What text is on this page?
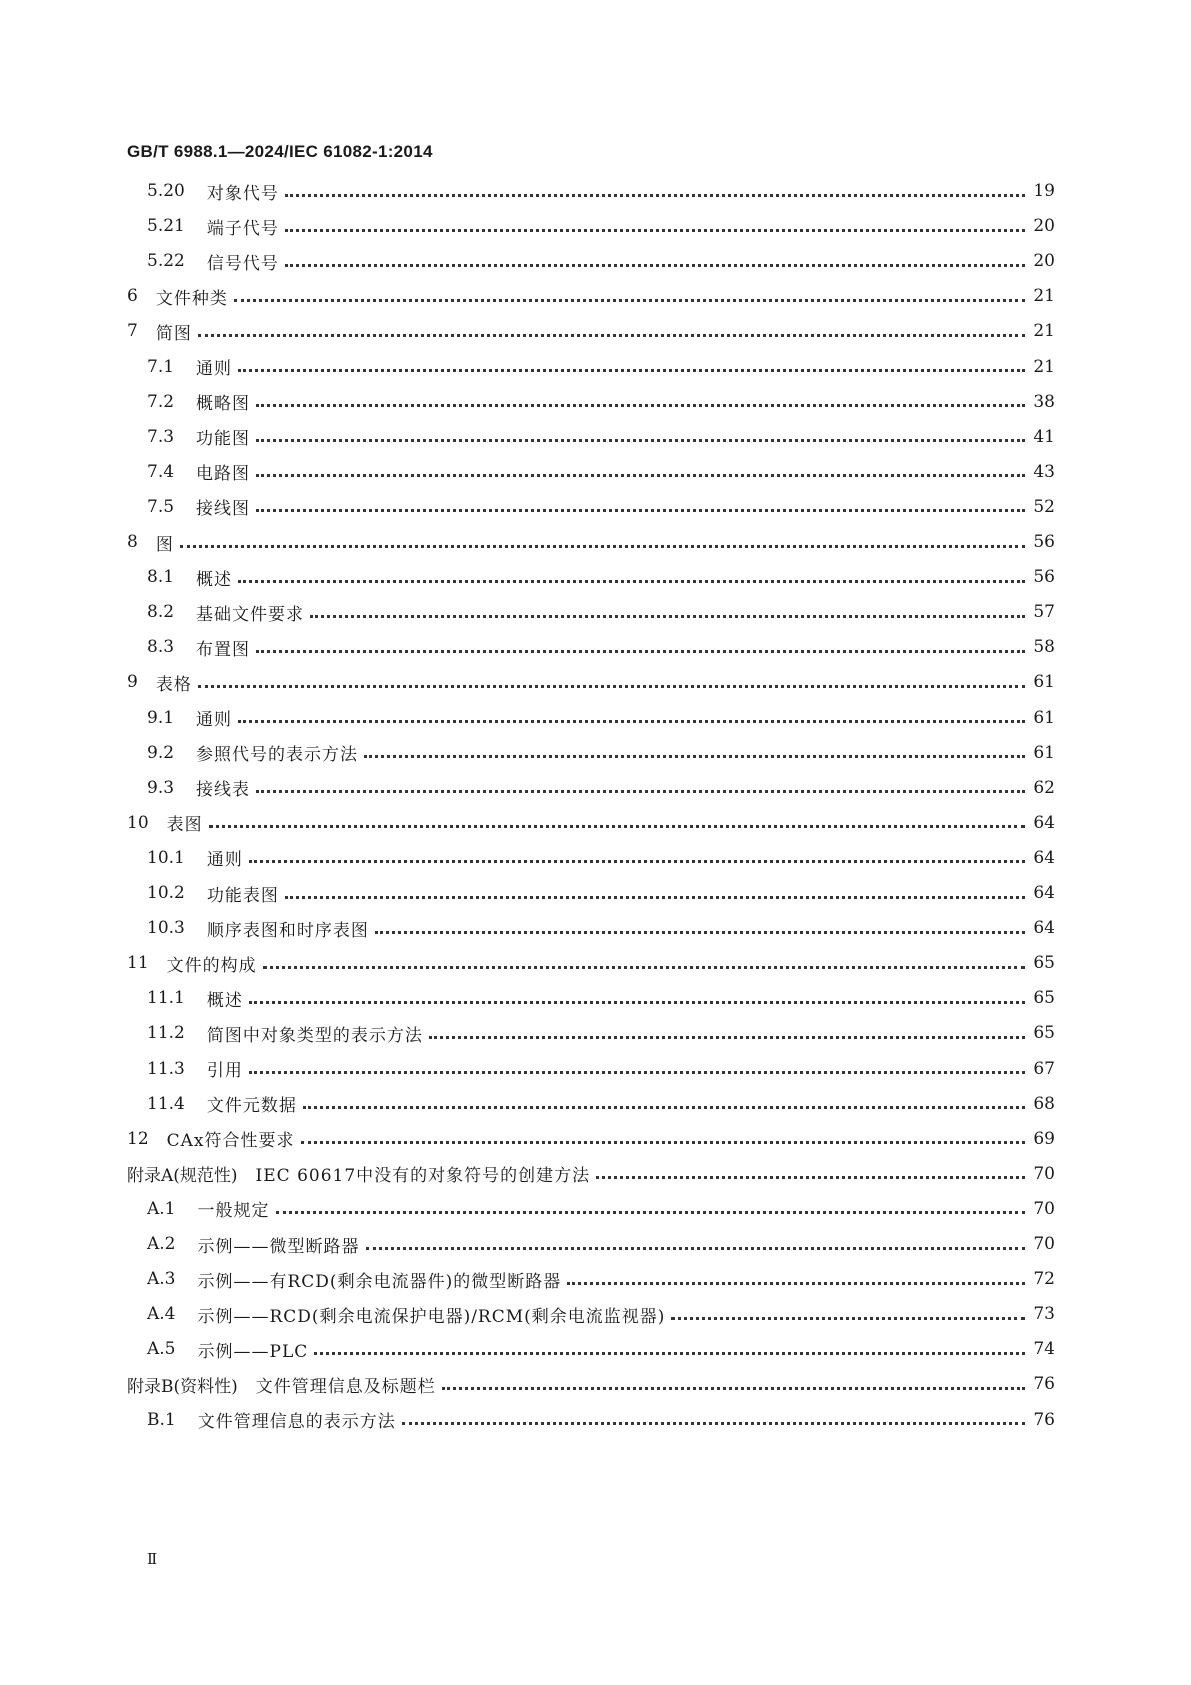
GB/T 6988.1—2024/IEC 61082-1:2014
5.20 对象代号	19
5.21 端子代号	20
5.22 信号代号	20
6 文件种类	21
7 简图	21
7.1 通则	21
7.2 概略图	38
7.3 功能图	41
7.4 电路图	43
7.5 接线图	52
8 图	56
8.1 概述	56
8.2 基础文件要求	57
8.3 布置图	58
9 表格	61
9.1 通则	61
9.2 参照代号的表示方法	61
9.3 接线表	62
10 表图	64
10.1 通则	64
10.2 功能表图	64
10.3 顺序表图和时序表图	64
11 文件的构成	65
11.1 概述	65
11.2 简图中对象类型的表示方法	65
11.3 引用	67
11.4 文件元数据	68
12 CAx符合性要求	69
附录A(规范性) IEC 60617中没有的对象符号的创建方法	70
A.1 一般规定	70
A.2 示例——微型断路器	70
A.3 示例——有RCD(剩余电流器件)的微型断路器	72
A.4 示例——RCD(剩余电流保护电器)/RCM(剩余电流监视器)	73
A.5 示例——PLC	74
附录B(资料性) 文件管理信息及标题栏	76
B.1 文件管理信息的表示方法	76
Ⅱ
